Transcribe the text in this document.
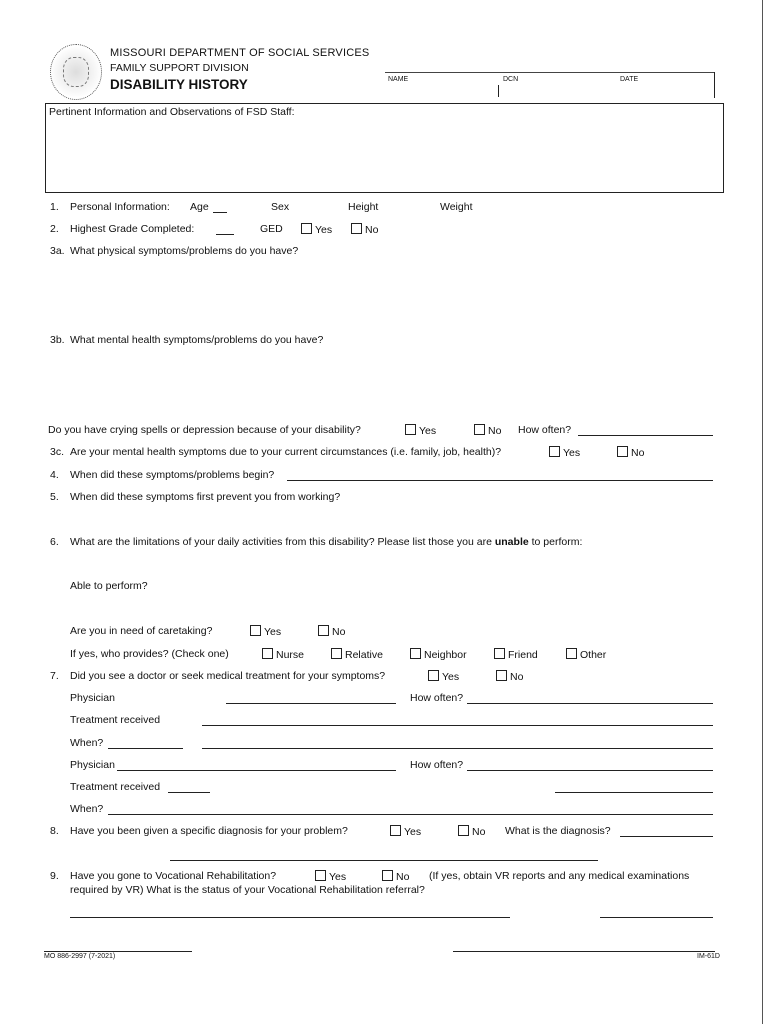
MISSOURI DEPARTMENT OF SOCIAL SERVICES
FAMILY SUPPORT DIVISION
DISABILITY HISTORY	NAME	DCN	DATE
Pertinent Information and Observations of FSD Staff:
1. Personal Information: Age	Sex	Height	Weight
2. Highest Grade Completed:	GED	Yes	No
3a. What physical symptoms/problems do you have?
3b. What mental health symptoms/problems do you have?
Do you have crying spells or depression because of your disability?	Yes	No How often?
3c. Are your mental health symptoms due to your current circumstances (i.e. family, job, health)?	Yes	No
4. When did these symptoms/problems begin?
5. When did these symptoms first prevent you from working?
6. What are the limitations of your daily activities from this disability? Please list those you are unable to perform:
Able to perform?
Are you in need of caretaking?	Yes	No
If yes, who provides? (Check one)	Nurse	Relative	Neighbor	Friend	Other
7. Did you see a doctor or seek medical treatment for your symptoms?	Yes	No
Physician	How often?
Treatment received
When?
Physician	How often?
Treatment received
When?
8. Have you been given a specific diagnosis for your problem?	Yes	No What is the diagnosis?
9. Have you gone to Vocational Rehabilitation?	Yes	No (If yes, obtain VR reports and any medical examinations
required by VR) What is the status of your Vocational Rehabilitation referral?
MO 886-2997 (7-2021)	IM-61D
